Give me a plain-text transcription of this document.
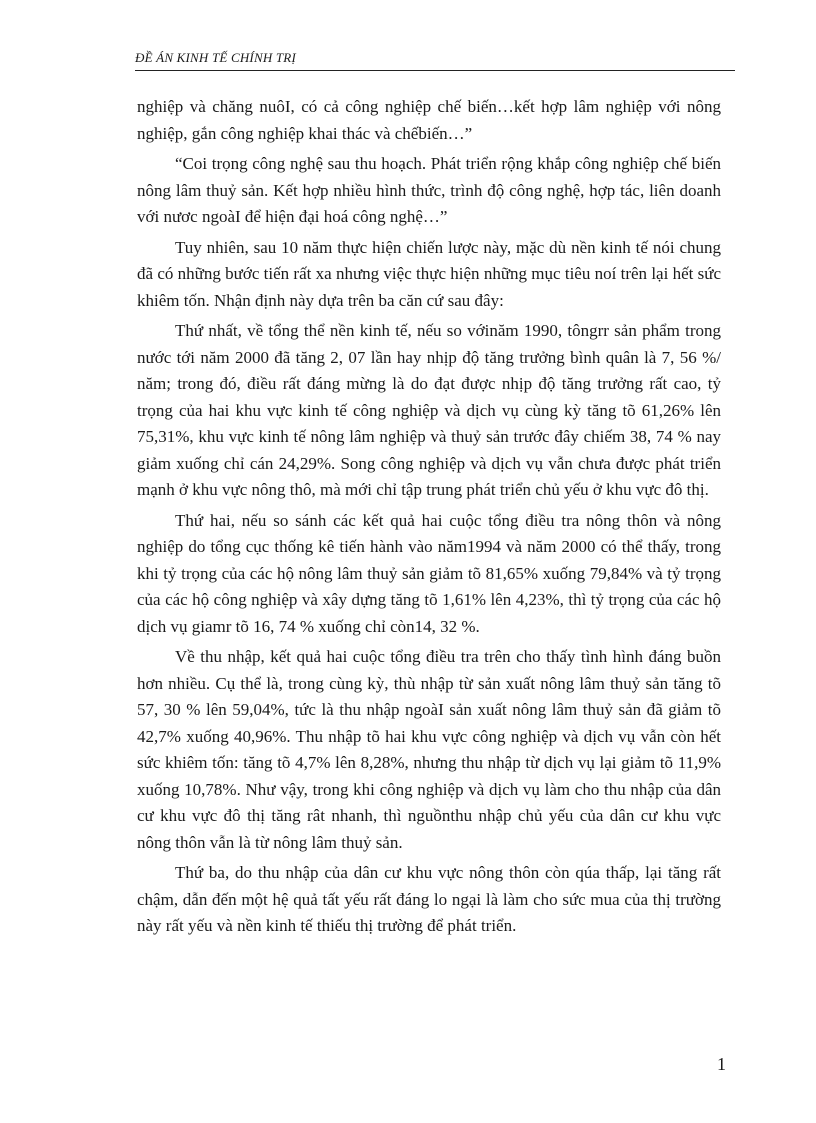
ĐỀ ÁN KINH TẾ CHÍNH TRỊ

nghiệp và chăng nuôI, có cả công nghiệp chế biến…kết hợp lâm nghiệp với nông nghiệp, gắn công nghiệp khai thác và chếbiến…”

“Coi trọng công nghệ sau thu hoạch. Phát triển rộng khắp công nghiệp chế biến nông lâm thuỷ sản. Kết hợp nhiều hình thức, trình độ công nghệ, hợp tác, liên doanh với nươc ngoàI để hiện đại hoá công nghệ…”

Tuy nhiên, sau 10 năm thực hiện chiến lược này, mặc dù nền kinh tế nói chung đã có những bước tiến rất xa nhưng việc thực hiện những mục tiêu noí trên lại hết sức khiêm tốn. Nhận định này dựa trên ba căn cứ sau đây:

Thứ nhất, về tổng thể nền kinh tế, nếu so vớinăm 1990, tôngrr sản phẩm trong nước tới năm 2000 đã tăng 2, 07 lần hay nhịp độ tăng trưởng bình quân là 7, 56 %/ năm; trong đó, điều rất đáng mừng là do đạt được nhịp độ tăng trưởng rất cao, tỷ trọng của hai khu vực kinh tế công nghiệp và dịch vụ cùng kỳ tăng tõ 61,26% lên 75,31%, khu vực kinh tế nông lâm nghiệp và thuỷ sản trước đây chiếm 38, 74 % nay giảm xuống chỉ cán 24,29%. Song công nghiệp và dịch vụ vẫn chưa được phát triển mạnh ở khu vực nông thô, mà mới chỉ tập trung phát triển chủ yếu ở khu vực đô thị.

Thứ hai, nếu so sánh các kết quả hai cuộc tổng điều tra nông thôn và nông nghiệp do tổng cục thống kê tiến hành vào năm1994 và năm 2000 có thể thấy, trong khi tỷ trọng của các hộ nông lâm thuỷ sản giảm tõ 81,65% xuống 79,84% và tỷ trọng của các hộ công nghiệp và xây dựng tăng tõ 1,61% lên 4,23%, thì tỷ trọng của các hộ dịch vụ giamr tõ 16, 74 % xuống chỉ còn14, 32 %.

Về thu nhập, kết quả hai cuộc tổng điều tra trên cho thấy tình hình đáng buồn hơn nhiều. Cụ thể là, trong cùng kỳ, thù nhập từ sản xuất nông lâm thuỷ sản tăng tõ 57, 30 % lên 59,04%, tức là thu nhập ngoàI sản xuất nông lâm thuỷ sản đã giảm tõ 42,7% xuống 40,96%. Thu nhập tõ hai khu vực công nghiệp và dịch vụ vẫn còn hết sức khiêm tốn: tăng tõ 4,7% lên 8,28%, nhưng thu nhập từ dịch vụ lại giảm tõ 11,9% xuống 10,78%. Như vậy, trong khi công nghiệp và dịch vụ làm cho thu nhập của dân cư khu vực đô thị tăng rât nhanh, thì nguồnthu nhập chủ yếu của dân cư khu vực nông thôn vẫn là từ nông lâm thuỷ sản.

Thứ ba, do thu nhập của dân cư khu vực nông thôn còn qúa thấp, lại tăng rất chậm, dẫn đến một hệ quả tất yếu rất đáng lo ngại là làm cho sức mua của thị trường này rất yếu và nền kinh tế thiếu thị trường để phát triển.

1
